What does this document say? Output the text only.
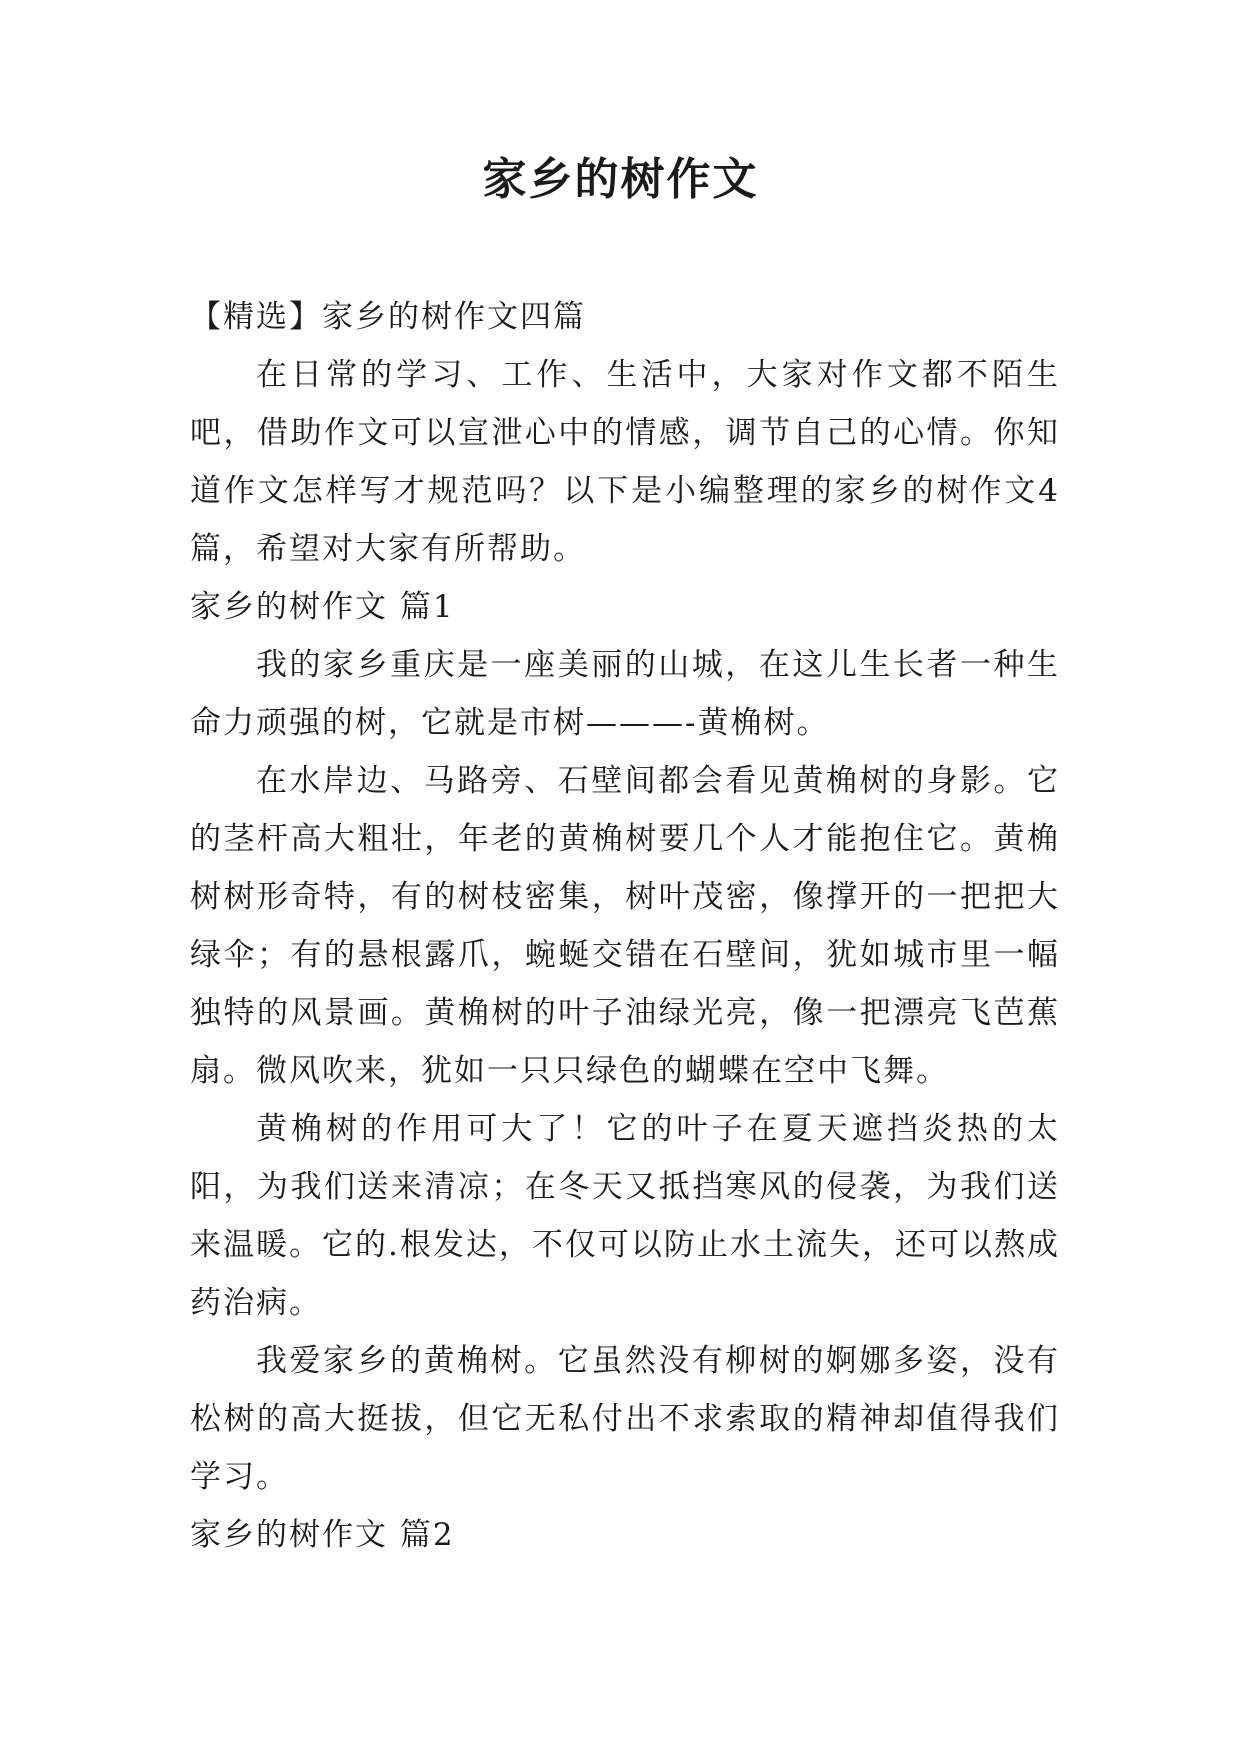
家乡的树作文

【精选】家乡的树作文四篇

在日常的学习、工作、生活中，大家对作文都不陌生吧，借助作文可以宣泄心中的情感，调节自己的心情。你知道作文怎样写才规范吗？以下是小编整理的家乡的树作文4篇，希望对大家有所帮助。

家乡的树作文 篇1

我的家乡重庆是一座美丽的山城，在这儿生长者一种生命力顽强的树，它就是市树———-黄桷树。

在水岸边、马路旁、石壁间都会看见黄桷树的身影。它的茎杆高大粗壮，年老的黄桷树要几个人才能抱住它。黄桷树树形奇特，有的树枝密集，树叶茂密，像撑开的一把把大绿伞；有的悬根露爪，蜿蜒交错在石壁间，犹如城市里一幅独特的风景画。黄桷树的叶子油绿光亮，像一把漂亮飞芭蕉扇。微风吹来，犹如一只只绿色的蝴蝶在空中飞舞。

黄桷树的作用可大了！它的叶子在夏天遮挡炎热的太阳，为我们送来清凉；在冬天又抵挡寒风的侵袭，为我们送来温暖。它的.根发达，不仅可以防止水土流失，还可以熬成药治病。

我爱家乡的黄桷树。它虽然没有柳树的婀娜多姿，没有松树的高大挺拔，但它无私付出不求索取的精神却值得我们学习。

家乡的树作文 篇2
